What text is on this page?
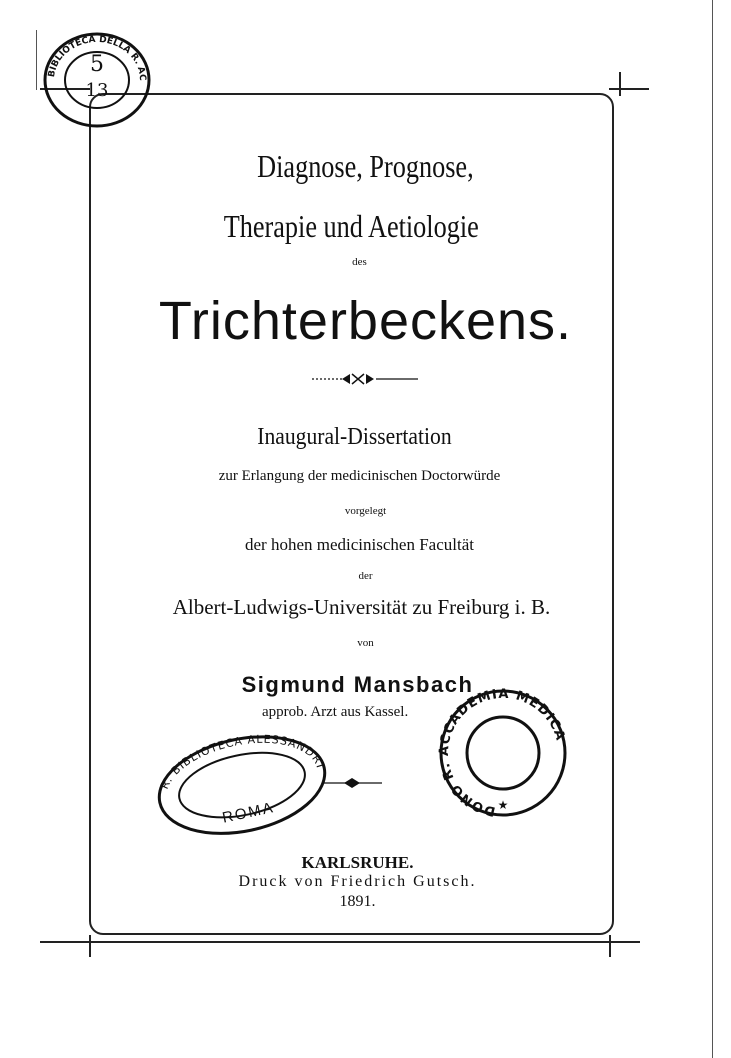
BIBLIOTECA DELLA R. AC
5
13
Diagnose, Prognose,
Therapie und Aetiologie
des
Trichterbeckens.
Inaugural-Dissertation
zur Erlangung der medicinischen Doctorwürde
vorgelegt
der hohen medicinischen Facultät
der
Albert-Ludwigs-Universität zu Freiburg i. B.
von
Sigmund Mansbach
approb. Arzt aus Kassel.
R. BIBLIOTECA ALESSANDRINA
ROMA	DONO R. ACCADEMIA MEDICA
★
KARLSRUHE.
Druck von Friedrich Gutsch.
1891.
